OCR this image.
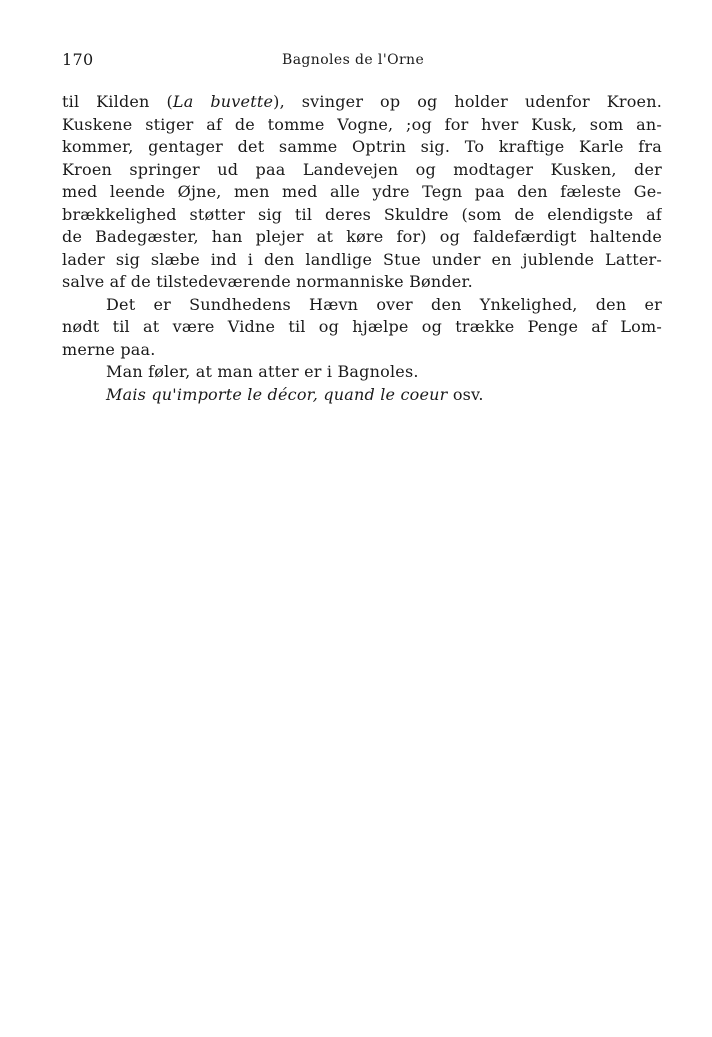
170	Bagnoles de l'Orne
til Kilden (La buvette), svinger op og holder udenfor Kroen.
Kuskene stiger af de tomme Vogne, ;og for hver Kusk, som an-
kommer, gentager det samme Optrin sig. To kraftige Karle fra
Kroen springer ud paa Landevejen og modtager Kusken, der
med leende Øjne, men med alle ydre Tegn paa den fæleste Ge-
brækkelighed støtter sig til deres Skuldre (som de elendigste af
de Badegæster, han plejer at køre for) og faldefærdigt haltende
lader sig slæbe ind i den landlige Stue under en jublende Latter-
salve af de tilstedeværende normanniske Bønder.
Det er Sundhedens Hævn over den Ynkelighed, den er
nødt til at være Vidne til og hjælpe og trække Penge af Lom-
merne paa.
Man føler, at man atter er i Bagnoles.
Mais qu'importe le décor, quand le coeur osv.
